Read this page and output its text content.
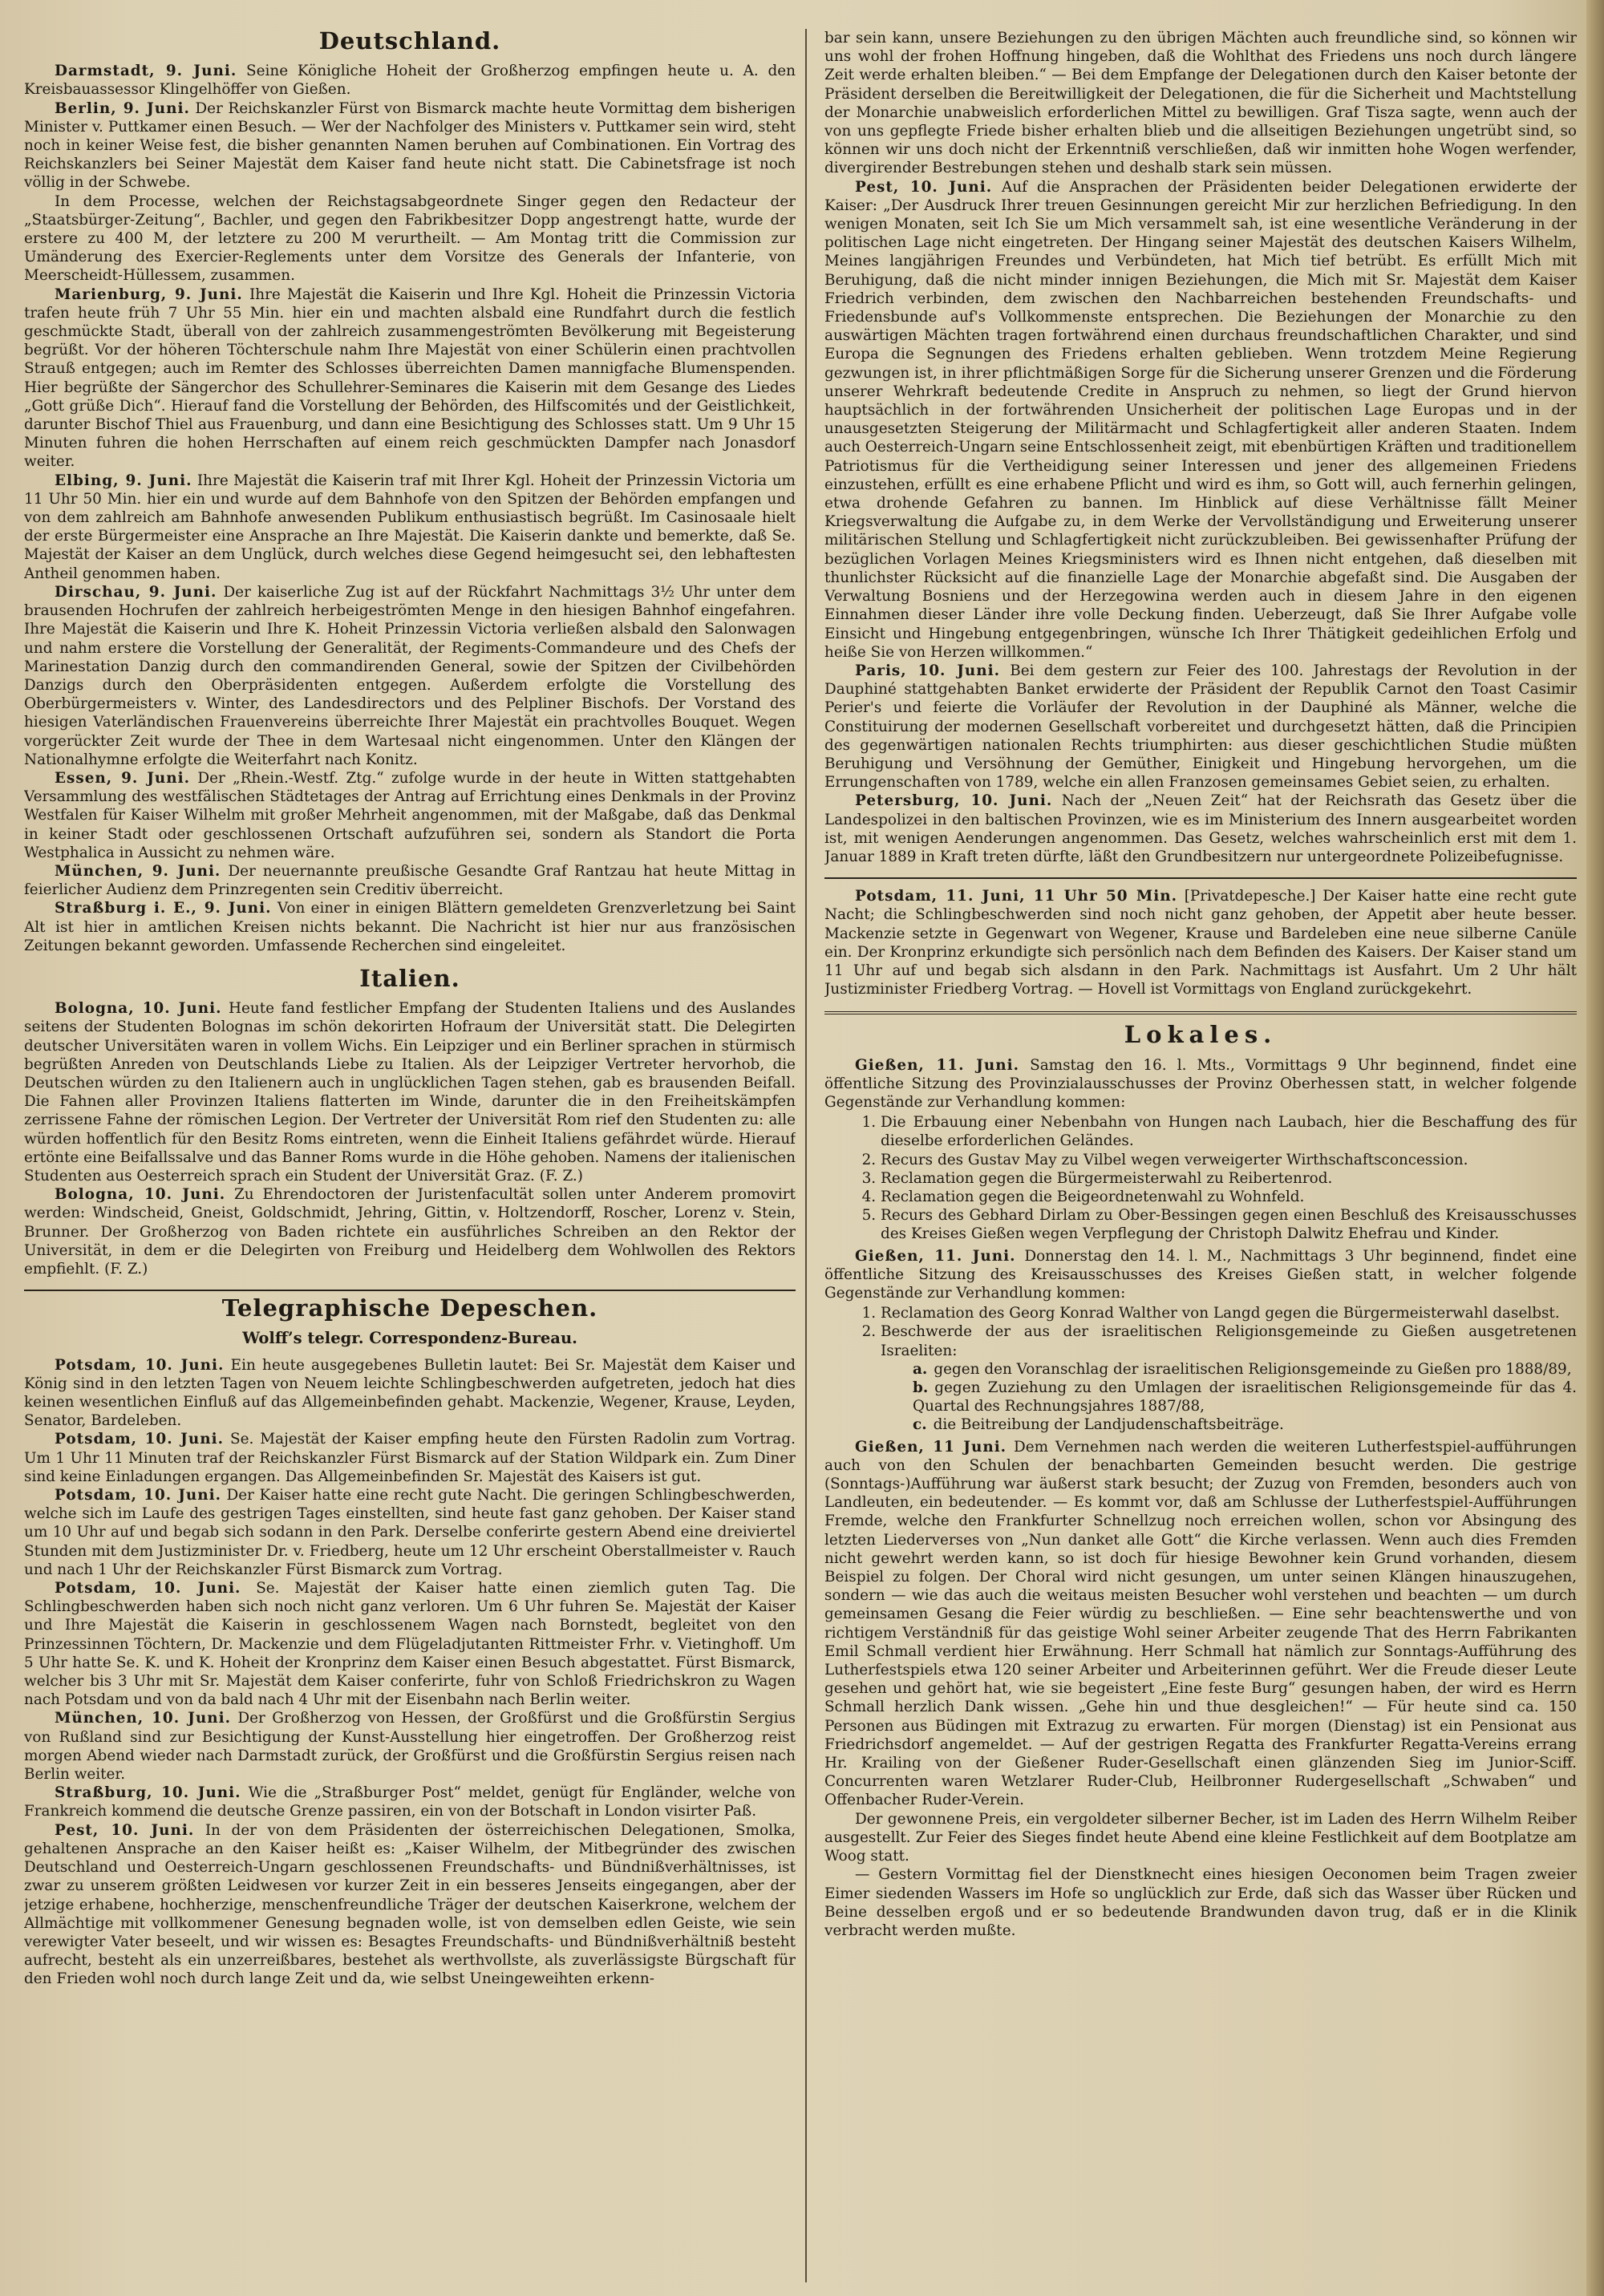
Deutschland.

Darmstadt, 9. Juni. Seine Königliche Hoheit der Großherzog empfingen heute u. A. den Kreisbauassessor Klingelhöffer von Gießen.

Berlin, 9. Juni. Der Reichskanzler Fürst von Bismarck machte heute Vormittag dem bisherigen Minister v. Puttkamer einen Besuch. — Wer der Nachfolger des Ministers v. Puttkamer sein wird, steht noch in keiner Weise fest, die bisher genannten Namen beruhen auf Combinationen. Ein Vortrag des Reichskanzlers bei Seiner Majestät dem Kaiser fand heute nicht statt. Die Cabinetsfrage ist noch völlig in der Schwebe.

In dem Processe, welchen der Reichstagsabgeordnete Singer gegen den Redacteur der „Staatsbürger-Zeitung“, Bachler, und gegen den Fabrikbesitzer Dopp angestrengt hatte, wurde der erstere zu 400 M, der letztere zu 200 M verurtheilt. — Am Montag tritt die Commission zur Umänderung des Exercier-Reglements unter dem Vorsitze des Generals der Infanterie, von Meerscheidt-Hüllessem, zusammen.

Marienburg, 9. Juni. Ihre Majestät die Kaiserin und Ihre Kgl. Hoheit die Prinzessin Victoria trafen heute früh 7 Uhr 55 Min. hier ein und machten alsbald eine Rundfahrt durch die festlich geschmückte Stadt, überall von der zahlreich zusammengeströmten Bevölkerung mit Begeisterung begrüßt. Vor der höheren Töchterschule nahm Ihre Majestät von einer Schülerin einen prachtvollen Strauß entgegen; auch im Remter des Schlosses überreichten Damen mannigfache Blumenspenden. Hier begrüßte der Sängerchor des Schullehrer-Seminares die Kaiserin mit dem Gesange des Liedes „Gott grüße Dich“. Hierauf fand die Vorstellung der Behörden, des Hilfscomités und der Geistlichkeit, darunter Bischof Thiel aus Frauenburg, und dann eine Besichtigung des Schlosses statt. Um 9 Uhr 15 Minuten fuhren die hohen Herrschaften auf einem reich geschmückten Dampfer nach Jonasdorf weiter.

Elbing, 9. Juni. Ihre Majestät die Kaiserin traf mit Ihrer Kgl. Hoheit der Prinzessin Victoria um 11 Uhr 50 Min. hier ein und wurde auf dem Bahnhofe von den Spitzen der Behörden empfangen und von dem zahlreich am Bahnhofe anwesenden Publikum enthusiastisch begrüßt. Im Casinosaale hielt der erste Bürgermeister eine Ansprache an Ihre Majestät. Die Kaiserin dankte und bemerkte, daß Se. Majestät der Kaiser an dem Unglück, durch welches diese Gegend heimgesucht sei, den lebhaftesten Antheil genommen haben.

Dirschau, 9. Juni. Der kaiserliche Zug ist auf der Rückfahrt Nachmittags 3½ Uhr unter dem brausenden Hochrufen der zahlreich herbeigeströmten Menge in den hiesigen Bahnhof eingefahren. Ihre Majestät die Kaiserin und Ihre K. Hoheit Prinzessin Victoria verließen alsbald den Salonwagen und nahm erstere die Vorstellung der Generalität, der Regiments-Commandeure und des Chefs der Marinestation Danzig durch den commandirenden General, sowie der Spitzen der Civilbehörden Danzigs durch den Oberpräsidenten entgegen. Außerdem erfolgte die Vorstellung des Oberbürgermeisters v. Winter, des Landesdirectors und des Pelpliner Bischofs. Der Vorstand des hiesigen Vaterländischen Frauenvereins überreichte Ihrer Majestät ein prachtvolles Bouquet. Wegen vorgerückter Zeit wurde der Thee in dem Wartesaal nicht eingenommen. Unter den Klängen der Nationalhymne erfolgte die Weiterfahrt nach Konitz.

Essen, 9. Juni. Der „Rhein.-Westf. Ztg.“ zufolge wurde in der heute in Witten stattgehabten Versammlung des westfälischen Städtetages der Antrag auf Errichtung eines Denkmals in der Provinz Westfalen für Kaiser Wilhelm mit großer Mehrheit angenommen, mit der Maßgabe, daß das Denkmal in keiner Stadt oder geschlossenen Ortschaft aufzuführen sei, sondern als Standort die Porta Westphalica in Aussicht zu nehmen wäre.

München, 9. Juni. Der neuernannte preußische Gesandte Graf Rantzau hat heute Mittag in feierlicher Audienz dem Prinzregenten sein Creditiv überreicht.

Straßburg i. E., 9. Juni. Von einer in einigen Blättern gemeldeten Grenzverletzung bei Saint Alt ist hier in amtlichen Kreisen nichts bekannt. Die Nachricht ist hier nur aus französischen Zeitungen bekannt geworden. Umfassende Recherchen sind eingeleitet.

Italien.

Bologna, 10. Juni. Heute fand festlicher Empfang der Studenten Italiens und des Auslandes seitens der Studenten Bolognas im schön dekorirten Hofraum der Universität statt. Die Delegirten deutscher Universitäten waren in vollem Wichs. Ein Leipziger und ein Berliner sprachen in stürmisch begrüßten Anreden von Deutschlands Liebe zu Italien. Als der Leipziger Vertreter hervorhob, die Deutschen würden zu den Italienern auch in unglücklichen Tagen stehen, gab es brausenden Beifall. Die Fahnen aller Provinzen Italiens flatterten im Winde, darunter die in den Freiheitskämpfen zerrissene Fahne der römischen Legion. Der Vertreter der Universität Rom rief den Studenten zu: alle würden hoffentlich für den Besitz Roms eintreten, wenn die Einheit Italiens gefährdet würde. Hierauf ertönte eine Beifallssalve und das Banner Roms wurde in die Höhe gehoben. Namens der italienischen Studenten aus Oesterreich sprach ein Student der Universität Graz. (F. Z.)

Bologna, 10. Juni. Zu Ehrendoctoren der Juristenfacultät sollen unter Anderem promovirt werden: Windscheid, Gneist, Goldschmidt, Jehring, Gittin, v. Holtzendorff, Roscher, Lorenz v. Stein, Brunner. Der Großherzog von Baden richtete ein ausführliches Schreiben an den Rektor der Universität, in dem er die Delegirten von Freiburg und Heidelberg dem Wohlwollen des Rektors empfiehlt. (F. Z.)

Telegraphische Depeschen.
Wolff’s telegr. Correspondenz-Bureau.

Potsdam, 10. Juni. Ein heute ausgegebenes Bulletin lautet: Bei Sr. Majestät dem Kaiser und König sind in den letzten Tagen von Neuem leichte Schlingbeschwerden aufgetreten, jedoch hat dies keinen wesentlichen Einfluß auf das Allgemeinbefinden gehabt. Mackenzie, Wegener, Krause, Leyden, Senator, Bardeleben.

Potsdam, 10. Juni. Se. Majestät der Kaiser empfing heute den Fürsten Radolin zum Vortrag. Um 1 Uhr 11 Minuten traf der Reichskanzler Fürst Bismarck auf der Station Wildpark ein. Zum Diner sind keine Einladungen ergangen. Das Allgemeinbefinden Sr. Majestät des Kaisers ist gut.

Potsdam, 10. Juni. Der Kaiser hatte eine recht gute Nacht. Die geringen Schlingbeschwerden, welche sich im Laufe des gestrigen Tages einstellten, sind heute fast ganz gehoben. Der Kaiser stand um 10 Uhr auf und begab sich sodann in den Park. Derselbe conferirte gestern Abend eine dreiviertel Stunden mit dem Justizminister Dr. v. Friedberg, heute um 12 Uhr erscheint Oberstallmeister v. Rauch und nach 1 Uhr der Reichskanzler Fürst Bismarck zum Vortrag.

Potsdam, 10. Juni. Se. Majestät der Kaiser hatte einen ziemlich guten Tag. Die Schlingbeschwerden haben sich noch nicht ganz verloren. Um 6 Uhr fuhren Se. Majestät der Kaiser und Ihre Majestät die Kaiserin in geschlossenem Wagen nach Bornstedt, begleitet von den Prinzessinnen Töchtern, Dr. Mackenzie und dem Flügeladjutanten Rittmeister Frhr. v. Vietinghoff. Um 5 Uhr hatte Se. K. und K. Hoheit der Kronprinz dem Kaiser einen Besuch abgestattet. Fürst Bismarck, welcher bis 3 Uhr mit Sr. Majestät dem Kaiser conferirte, fuhr von Schloß Friedrichskron zu Wagen nach Potsdam und von da bald nach 4 Uhr mit der Eisenbahn nach Berlin weiter.

München, 10. Juni. Der Großherzog von Hessen, der Großfürst und die Großfürstin Sergius von Rußland sind zur Besichtigung der Kunst-Ausstellung hier eingetroffen. Der Großherzog reist morgen Abend wieder nach Darmstadt zurück, der Großfürst und die Großfürstin Sergius reisen nach Berlin weiter.

Straßburg, 10. Juni. Wie die „Straßburger Post“ meldet, genügt für Engländer, welche von Frankreich kommend die deutsche Grenze passiren, ein von der Botschaft in London visirter Paß.

Pest, 10. Juni. In der von dem Präsidenten der österreichischen Delegationen, Smolka, gehaltenen Ansprache an den Kaiser heißt es: „Kaiser Wilhelm, der Mitbegründer des zwischen Deutschland und Oesterreich-Ungarn geschlossenen Freundschafts- und Bündnißverhältnisses, ist zwar zu unserem größten Leidwesen vor kurzer Zeit in ein besseres Jenseits eingegangen, aber der jetzige erhabene, hochherzige, menschenfreundliche Träger der deutschen Kaiserkrone, welchem der Allmächtige mit vollkommener Genesung begnaden wolle, ist von demselben edlen Geiste, wie sein verewigter Vater beseelt, und wir wissen es: Besagtes Freundschafts- und Bündnißverhältniß besteht aufrecht, besteht als ein unzerreißbares, bestehet als werthvollste, als zuverlässigste Bürgschaft für den Frieden wohl noch durch lange Zeit und da, wie selbst Uneingeweihten erkenn-

bar sein kann, unsere Beziehungen zu den übrigen Mächten auch freundliche sind, so können wir uns wohl der frohen Hoffnung hingeben, daß die Wohlthat des Friedens uns noch durch längere Zeit werde erhalten bleiben.“ — Bei dem Empfange der Delegationen durch den Kaiser betonte der Präsident derselben die Bereitwilligkeit der Delegationen, die für die Sicherheit und Machtstellung der Monarchie unabweislich erforderlichen Mittel zu bewilligen. Graf Tisza sagte, wenn auch der von uns gepflegte Friede bisher erhalten blieb und die allseitigen Beziehungen ungetrübt sind, so können wir uns doch nicht der Erkenntniß verschließen, daß wir inmitten hohe Wogen werfender, divergirender Bestrebungen stehen und deshalb stark sein müssen.

Pest, 10. Juni. Auf die Ansprachen der Präsidenten beider Delegationen erwiderte der Kaiser: „Der Ausdruck Ihrer treuen Gesinnungen gereicht Mir zur herzlichen Befriedigung. In den wenigen Monaten, seit Ich Sie um Mich versammelt sah, ist eine wesentliche Veränderung in der politischen Lage nicht eingetreten. Der Hingang seiner Majestät des deutschen Kaisers Wilhelm, Meines langjährigen Freundes und Verbündeten, hat Mich tief betrübt. Es erfüllt Mich mit Beruhigung, daß die nicht minder innigen Beziehungen, die Mich mit Sr. Majestät dem Kaiser Friedrich verbinden, dem zwischen den Nachbarreichen bestehenden Freundschafts- und Friedensbunde auf's Vollkommenste entsprechen. Die Beziehungen der Monarchie zu den auswärtigen Mächten tragen fortwährend einen durchaus freundschaftlichen Charakter, und sind Europa die Segnungen des Friedens erhalten geblieben. Wenn trotzdem Meine Regierung gezwungen ist, in ihrer pflichtmäßigen Sorge für die Sicherung unserer Grenzen und die Förderung unserer Wehrkraft bedeutende Credite in Anspruch zu nehmen, so liegt der Grund hiervon hauptsächlich in der fortwährenden Unsicherheit der politischen Lage Europas und in der unausgesetzten Steigerung der Militärmacht und Schlagfertigkeit aller anderen Staaten. Indem auch Oesterreich-Ungarn seine Entschlossenheit zeigt, mit ebenbürtigen Kräften und traditionellem Patriotismus für die Vertheidigung seiner Interessen und jener des allgemeinen Friedens einzustehen, erfüllt es eine erhabene Pflicht und wird es ihm, so Gott will, auch fernerhin gelingen, etwa drohende Gefahren zu bannen. Im Hinblick auf diese Verhältnisse fällt Meiner Kriegsverwaltung die Aufgabe zu, in dem Werke der Vervollständigung und Erweiterung unserer militärischen Stellung und Schlagfertigkeit nicht zurückzubleiben. Bei gewissenhafter Prüfung der bezüglichen Vorlagen Meines Kriegsministers wird es Ihnen nicht entgehen, daß dieselben mit thunlichster Rücksicht auf die finanzielle Lage der Monarchie abgefaßt sind. Die Ausgaben der Verwaltung Bosniens und der Herzegowina werden auch in diesem Jahre in den eigenen Einnahmen dieser Länder ihre volle Deckung finden. Ueberzeugt, daß Sie Ihrer Aufgabe volle Einsicht und Hingebung entgegenbringen, wünsche Ich Ihrer Thätigkeit gedeihlichen Erfolg und heiße Sie von Herzen willkommen.“

Paris, 10. Juni. Bei dem gestern zur Feier des 100. Jahrestags der Revolution in der Dauphiné stattgehabten Banket erwiderte der Präsident der Republik Carnot den Toast Casimir Perier's und feierte die Vorläufer der Revolution in der Dauphiné als Männer, welche die Constituirung der modernen Gesellschaft vorbereitet und durchgesetzt hätten, daß die Principien des gegenwärtigen nationalen Rechts triumphirten: aus dieser geschichtlichen Studie müßten Beruhigung und Versöhnung der Gemüther, Einigkeit und Hingebung hervorgehen, um die Errungenschaften von 1789, welche ein allen Franzosen gemeinsames Gebiet seien, zu erhalten.

Petersburg, 10. Juni. Nach der „Neuen Zeit“ hat der Reichsrath das Gesetz über die Landespolizei in den baltischen Provinzen, wie es im Ministerium des Innern ausgearbeitet worden ist, mit wenigen Aenderungen angenommen. Das Gesetz, welches wahrscheinlich erst mit dem 1. Januar 1889 in Kraft treten dürfte, läßt den Grundbesitzern nur untergeordnete Polizeibefugnisse.

Potsdam, 11. Juni, 11 Uhr 50 Min. [Privatdepesche.] Der Kaiser hatte eine recht gute Nacht; die Schlingbeschwerden sind noch nicht ganz gehoben, der Appetit aber heute besser. Mackenzie setzte in Gegenwart von Wegener, Krause und Bardeleben eine neue silberne Canüle ein. Der Kronprinz erkundigte sich persönlich nach dem Befinden des Kaisers. Der Kaiser stand um 11 Uhr auf und begab sich alsdann in den Park. Nachmittags ist Ausfahrt. Um 2 Uhr hält Justizminister Friedberg Vortrag. — Hovell ist Vormittags von England zurückgekehrt.

Lokales.

Gießen, 11. Juni. Samstag den 16. l. Mts., Vormittags 9 Uhr beginnend, findet eine öffentliche Sitzung des Provinzialausschusses der Provinz Oberhessen statt, in welcher folgende Gegenstände zur Verhandlung kommen:

1. Die Erbauung einer Nebenbahn von Hungen nach Laubach, hier die Beschaffung des für dieselbe erforderlichen Geländes.
2. Recurs des Gustav May zu Vilbel wegen verweigerter Wirthschaftsconcession.
3. Reclamation gegen die Bürgermeisterwahl zu Reibertenrod.
4. Reclamation gegen die Beigeordnetenwahl zu Wohnfeld.
5. Recurs des Gebhard Dirlam zu Ober-Bessingen gegen einen Beschluß des Kreisausschusses des Kreises Gießen wegen Verpflegung der Christoph Dalwitz Ehefrau und Kinder.

Gießen, 11. Juni. Donnerstag den 14. l. M., Nachmittags 3 Uhr beginnend, findet eine öffentliche Sitzung des Kreisausschusses des Kreises Gießen statt, in welcher folgende Gegenstände zur Verhandlung kommen:

1. Reclamation des Georg Konrad Walther von Langd gegen die Bürgermeisterwahl daselbst.
2. Beschwerde der aus der israelitischen Religionsgemeinde zu Gießen ausgetretenen Israeliten:
a. gegen den Voranschlag der israelitischen Religionsgemeinde zu Gießen pro 1888/89,
b. gegen Zuziehung zu den Umlagen der israelitischen Religionsgemeinde für das 4. Quartal des Rechnungsjahres 1887/88,
c. die Beitreibung der Landjudenschaftsbeiträge.

Gießen, 11 Juni. Dem Vernehmen nach werden die weiteren Lutherfestspiel-aufführungen auch von den Schulen der benachbarten Gemeinden besucht werden. Die gestrige (Sonntags-)Aufführung war äußerst stark besucht; der Zuzug von Fremden, besonders auch von Landleuten, ein bedeutender. — Es kommt vor, daß am Schlusse der Lutherfestspiel-Aufführungen Fremde, welche den Frankfurter Schnellzug noch erreichen wollen, schon vor Absingung des letzten Liederverses von „Nun danket alle Gott“ die Kirche verlassen. Wenn auch dies Fremden nicht gewehrt werden kann, so ist doch für hiesige Bewohner kein Grund vorhanden, diesem Beispiel zu folgen. Der Choral wird nicht gesungen, um unter seinen Klängen hinauszugehen, sondern — wie das auch die weitaus meisten Besucher wohl verstehen und beachten — um durch gemeinsamen Gesang die Feier würdig zu beschließen. — Eine sehr beachtenswerthe und von richtigem Verständniß für das geistige Wohl seiner Arbeiter zeugende That des Herrn Fabrikanten Emil Schmall verdient hier Erwähnung. Herr Schmall hat nämlich zur Sonntags-Aufführung des Lutherfestspiels etwa 120 seiner Arbeiter und Arbeiterinnen geführt. Wer die Freude dieser Leute gesehen und gehört hat, wie sie begeistert „Eine feste Burg“ gesungen haben, der wird es Herrn Schmall herzlich Dank wissen. „Gehe hin und thue desgleichen!“ — Für heute sind ca. 150 Personen aus Büdingen mit Extrazug zu erwarten. Für morgen (Dienstag) ist ein Pensionat aus Friedrichsdorf angemeldet. — Auf der gestrigen Regatta des Frankfurter Regatta-Vereins errang Hr. Krailing von der Gießener Ruder-Gesellschaft einen glänzenden Sieg im Junior-Sciff. Concurrenten waren Wetzlarer Ruder-Club, Heilbronner Rudergesellschaft „Schwaben“ und Offenbacher Ruder-Verein.

Der gewonnene Preis, ein vergoldeter silberner Becher, ist im Laden des Herrn Wilhelm Reiber ausgestellt. Zur Feier des Sieges findet heute Abend eine kleine Festlichkeit auf dem Bootplatze am Woog statt.

— Gestern Vormittag fiel der Dienstknecht eines hiesigen Oeconomen beim Tragen zweier Eimer siedenden Wassers im Hofe so unglücklich zur Erde, daß sich das Wasser über Rücken und Beine desselben ergoß und er so bedeutende Brandwunden davon trug, daß er in die Klinik verbracht werden mußte.
